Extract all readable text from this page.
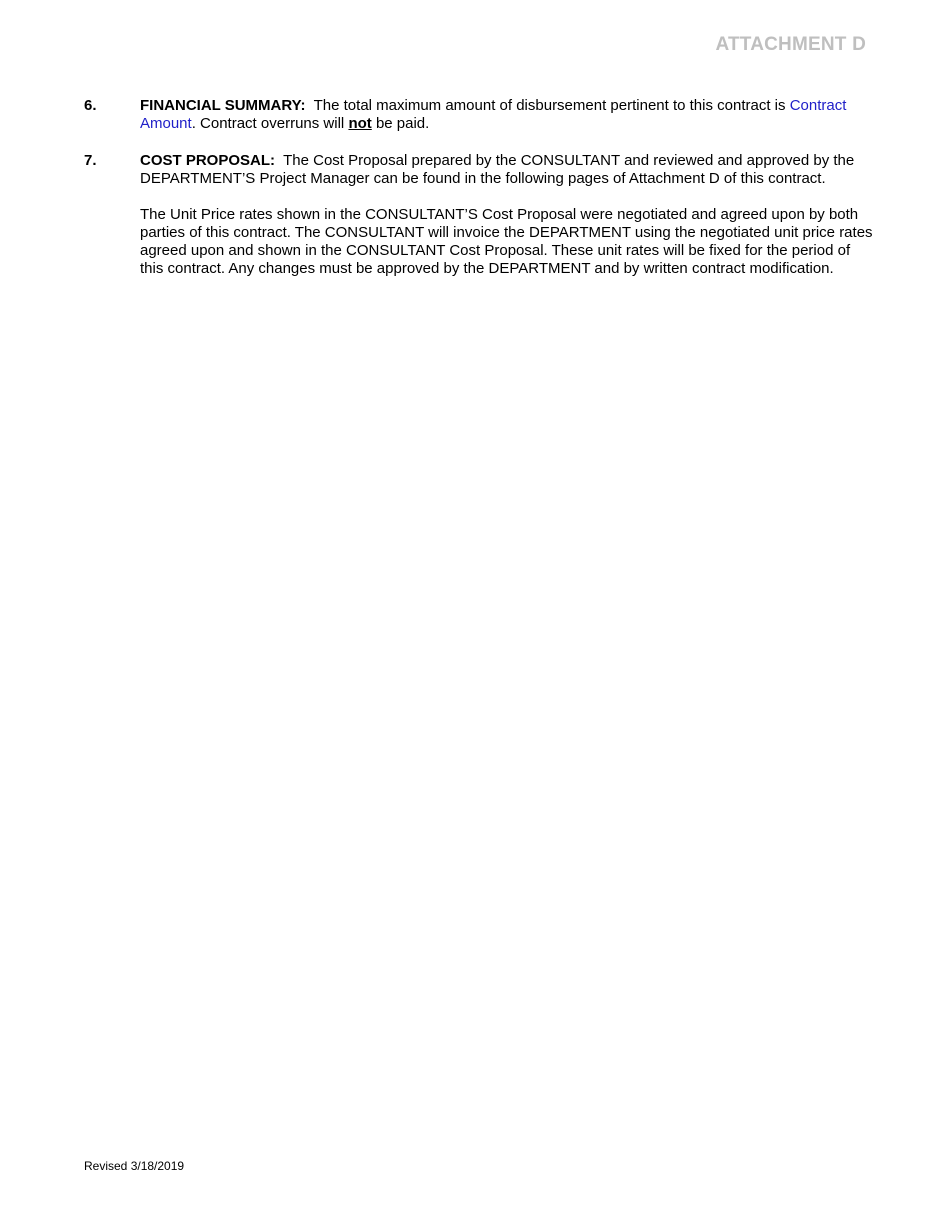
ATTACHMENT D
6.	FINANCIAL SUMMARY: The total maximum amount of disbursement pertinent to this contract is Contract Amount. Contract overruns will not be paid.

7.	COST PROPOSAL: The Cost Proposal prepared by the CONSULTANT and reviewed and approved by the DEPARTMENT’S Project Manager can be found in the following pages of Attachment D of this contract.

The Unit Price rates shown in the CONSULTANT’S Cost Proposal were negotiated and agreed upon by both parties of this contract. The CONSULTANT will invoice the DEPARTMENT using the negotiated unit price rates agreed upon and shown in the CONSULTANT Cost Proposal. These unit rates will be fixed for the period of this contract. Any changes must be approved by the DEPARTMENT and by written contract modification.

Revised 3/18/2019
